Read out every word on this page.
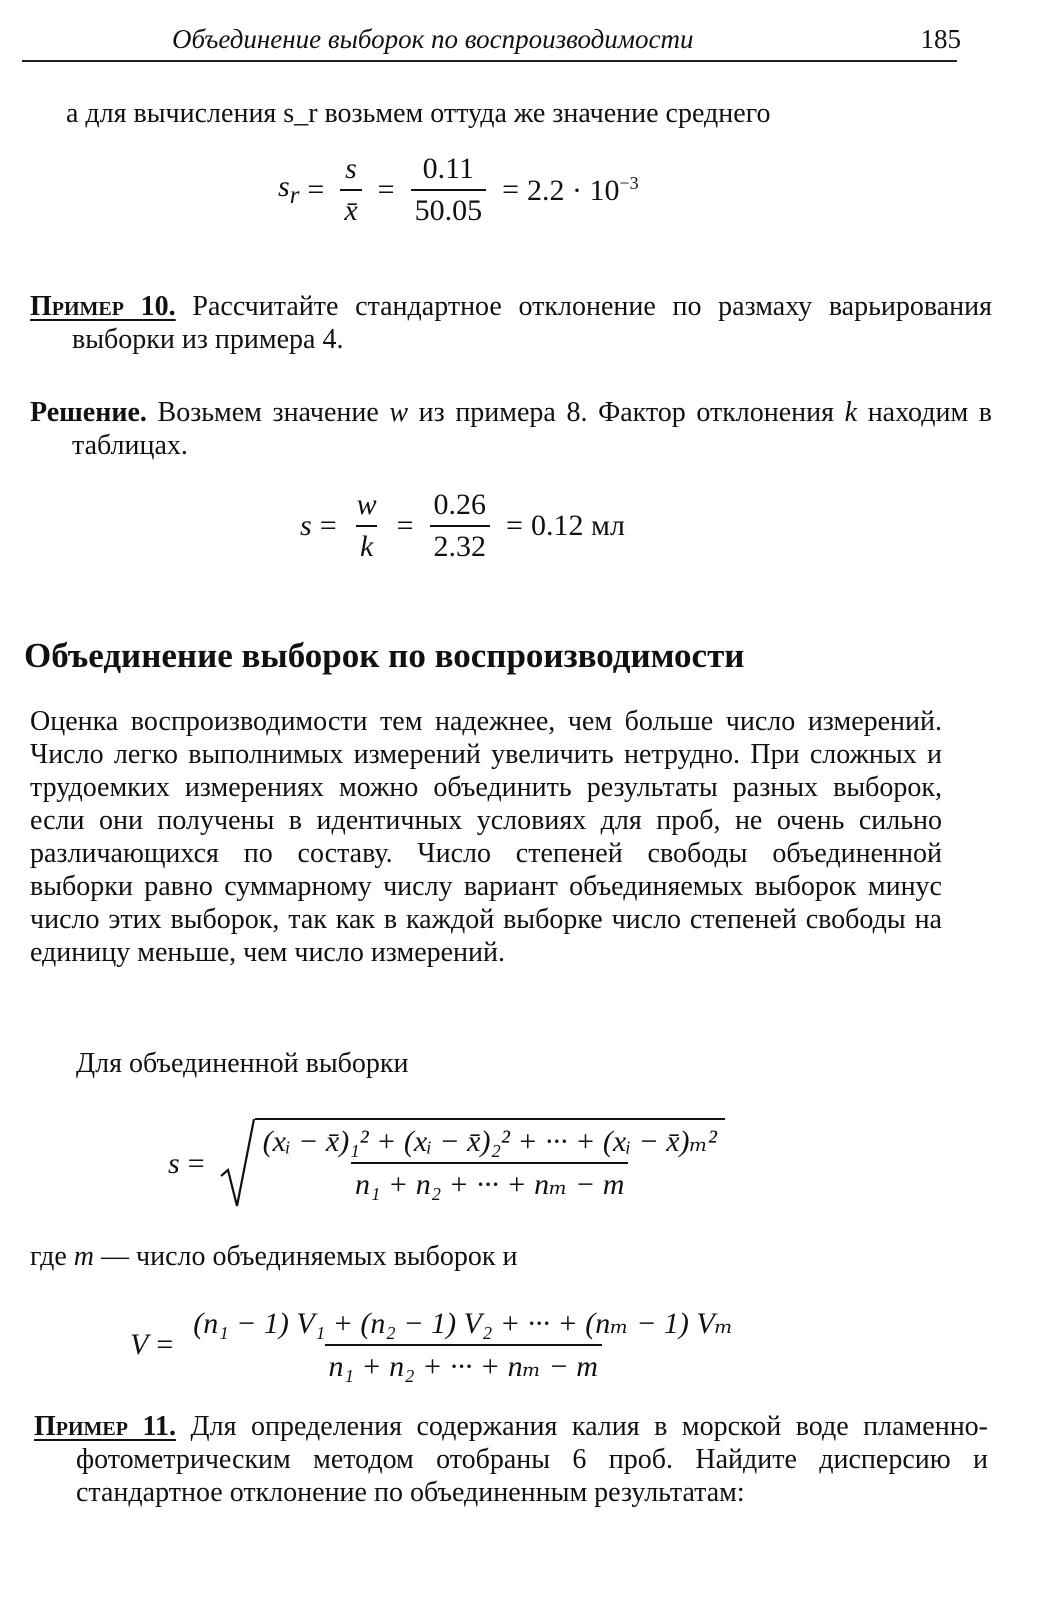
Объединение выборок по воспроизводимости	185

а для вычисления s_r возьмем оттуда же значение среднего

$s_r = \frac{s}{x̄} = \frac{0.11}{50.05} = 2.2 \cdot 10^{-3}$

Пример 10. Рассчитайте стандартное отклонение по размаху варьирования выборки из примера 4.

Решение. Возьмем значение w из примера 8. Фактор отклонения k находим в таблицах.

$s = \frac{w}{k} = \frac{0.26}{2.32} = 0.12$ мл
Объединение выборок по воспроизводимости

Оценка воспроизводимости тем надежнее, чем больше число измерений. Число легко выполнимых измерений увеличить нетрудно. При сложных и трудоемких измерениях можно объединить результаты разных выборок, если они получены в идентичных условиях для проб, не очень сильно различающихся по составу. Число степеней свободы объединенной выборки равно суммарному числу вариант объединяемых выборок минус число этих выборок, так как в каждой выборке число степеней свободы на единицу меньше, чем число измерений.

Для объединенной выборки

$s = \frac{\text{(xᵢ − x̄)₁² + (xᵢ − x̄)₂² + ··· + (xᵢ − x̄)ₘ²}}{\text{n₁ + n₂ + ··· + nₘ − m}}$

где m — число объединяемых выборок и

$V = \frac{\text{(n₁ − 1) V₁ + (n₂ − 1) V₂ + ··· + (nₘ − 1) Vₘ}}{\text{n₁ + n₂ + ··· + nₘ − m}}$

Пример 11. Для определения содержания калия в морской воде пламенно-фотометрическим методом отобраны 6 проб. Найдите дисперсию и стандартное отклонение по объединенным результатам:
